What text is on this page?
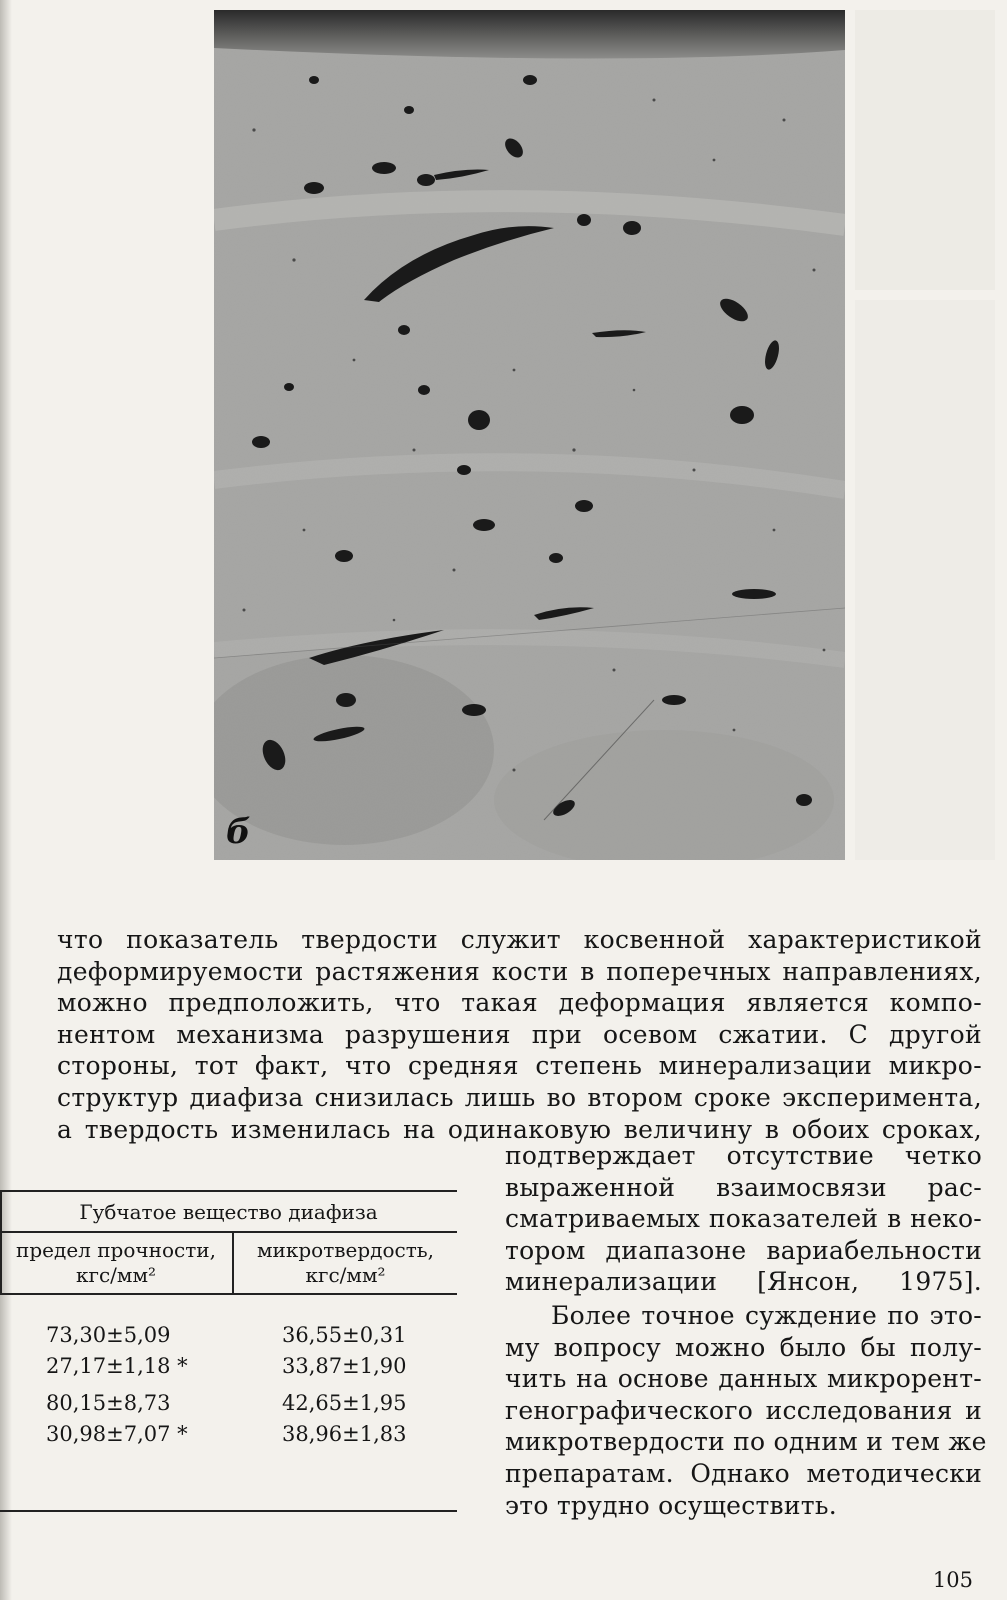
б
что показатель твердости служит косвенной характеристикой
деформируемости растяжения кости в поперечных направлениях,
можно предположить, что такая деформация является компо-
нентом механизма разрушения при осевом сжатии. С другой
стороны, тот факт, что средняя степень минерализации микро-
структур диафиза снизилась лишь во втором сроке эксперимента,
а твердость изменилась на одинаковую величину в обоих сроках,

подтверждает отсутствие четко
выраженной взаимосвязи рас-
сматриваемых показателей в неко-
тором диапазоне вариабельности
минерализации [Янсон, 1975].

Более точное суждение по это-
му вопросу можно было бы полу-
чить на основе данных микрорент-
генографического исследования и
микротвердости по одним и тем же
препаратам. Однако методически
это трудно осуществить.

Губчатое вещество диафиза
предел прочности,
кгс/мм²
микротвердость,
кгс/мм²
73,30±5,09	36,55±0,31
27,17±1,18 *	33,87±1,90
80,15±8,73	42,65±1,95
30,98±7,07 *	38,96±1,83
105
